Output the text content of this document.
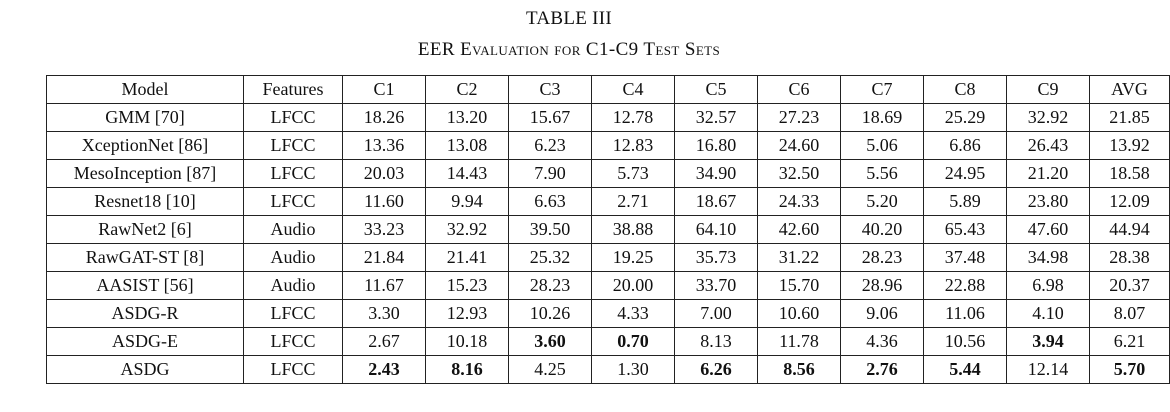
TABLE III
EER Evaluation for C1-C9 Test Sets
Model	Features	C1	C2	C3	C4	C5	C6	C7	C8	C9	AVG
GMM [70]	LFCC	18.26	13.20	15.67	12.78	32.57	27.23	18.69	25.29	32.92	21.85
XceptionNet [86]	LFCC	13.36	13.08	6.23	12.83	16.80	24.60	5.06	6.86	26.43	13.92
MesoInception [87]	LFCC	20.03	14.43	7.90	5.73	34.90	32.50	5.56	24.95	21.20	18.58
Resnet18 [10]	LFCC	11.60	9.94	6.63	2.71	18.67	24.33	5.20	5.89	23.80	12.09
RawNet2 [6]	Audio	33.23	32.92	39.50	38.88	64.10	42.60	40.20	65.43	47.60	44.94
RawGAT-ST [8]	Audio	21.84	21.41	25.32	19.25	35.73	31.22	28.23	37.48	34.98	28.38
AASIST [56]	Audio	11.67	15.23	28.23	20.00	33.70	15.70	28.96	22.88	6.98	20.37
ASDG-R	LFCC	3.30	12.93	10.26	4.33	7.00	10.60	9.06	11.06	4.10	8.07
ASDG-E	LFCC	2.67	10.18	3.60	0.70	8.13	11.78	4.36	10.56	3.94	6.21
ASDG	LFCC	2.43	8.16	4.25	1.30	6.26	8.56	2.76	5.44	12.14	5.70
